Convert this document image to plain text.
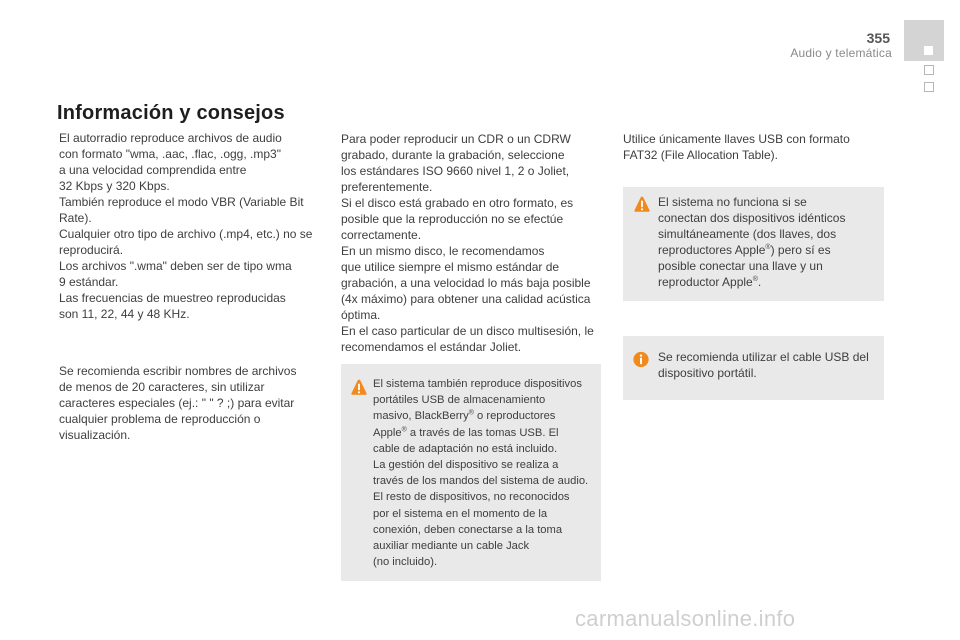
355
Audio y telemática
Información y consejos

El autorradio reproduce archivos de audio

con formato "wma, .aac, .flac, .ogg, .mp3"

a una velocidad comprendida entre

32 Kbps y 320 Kbps.

También reproduce el modo VBR (Variable Bit

Rate).

Cualquier otro tipo de archivo (.mp4, etc.) no se

reproducirá.

Los archivos ".wma" deben ser de tipo wma

9 estándar.

Las frecuencias de muestreo reproducidas

son 11, 22, 44 y 48 KHz.

Se recomienda escribir nombres de archivos

de menos de 20 caracteres, sin utilizar

caracteres especiales (ej.: " " ? ;) para evitar

cualquier problema de reproducción o

visualización.

Para poder reproducir un CDR o un CDRW

grabado, durante la grabación, seleccione

los estándares ISO 9660 nivel 1, 2 o Joliet,

preferentemente.

Si el disco está grabado en otro formato, es

posible que la reproducción no se efectúe

correctamente.

En un mismo disco, le recomendamos

que utilice siempre el mismo estándar de

grabación, a una velocidad lo más baja posible

(4x máximo) para obtener una calidad acústica

óptima.

En el caso particular de un disco multisesión, le

recomendamos el estándar Joliet.

El sistema también reproduce dispositivos

portátiles USB de almacenamiento

masivo, BlackBerry® o reproductores

Apple® a través de las tomas USB. El

cable de adaptación no está incluido.

La gestión del dispositivo se realiza a

través de los mandos del sistema de audio.

El resto de dispositivos, no reconocidos

por el sistema en el momento de la

conexión, deben conectarse a la toma

auxiliar mediante un cable Jack

(no incluido).

Utilice únicamente llaves USB con formato

FAT32 (File Allocation Table).

El sistema no funciona si se

conectan dos dispositivos idénticos

simultáneamente (dos llaves, dos

reproductores Apple®) pero sí es

posible conectar una llave y un

reproductor Apple®.

Se recomienda utilizar el cable USB del

dispositivo portátil.

carmanualsonline.info
